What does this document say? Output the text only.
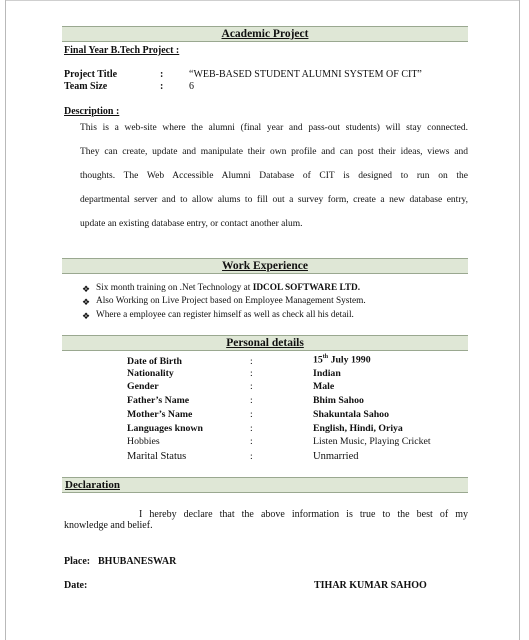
Academic Project
Final Year B.Tech Project :
Project Title	:	“WEB-BASED STUDENT ALUMNI SYSTEM OF CIT”
Team Size	:	6
Description :
This is a web-site where the alumni (final year and pass-out students) will stay connected.
They can create, update and manipulate their own profile and can post their ideas, views and
thoughts. The Web Accessible Alumni Database of CIT is designed to run on the
departmental server and to allow alums to fill out a survey form, create a new database entry,
update an existing database entry, or contact another alum.
Work Experience
❖ Six month training on .Net Technology at IDCOL SOFTWARE LTD.
❖ Also Working on Live Project based on Employee Management System.
❖ Where a employee can register himself as well as check all his detail.
Personal details
Date of Birth	:	15th July 1990
Nationality	:	Indian
Gender	:	Male
Father’s Name	:	Bhim Sahoo
Mother’s Name	:	Shakuntala Sahoo
Languages known	:	English, Hindi, Oriya
Hobbies	:	Listen Music, Playing Cricket
Marital Status	:	Unmarried
Declaration
I hereby declare that the above information is true to the best of my
knowledge and belief.
Place: BHUBANESWAR
Date:	TIHAR KUMAR SAHOO
